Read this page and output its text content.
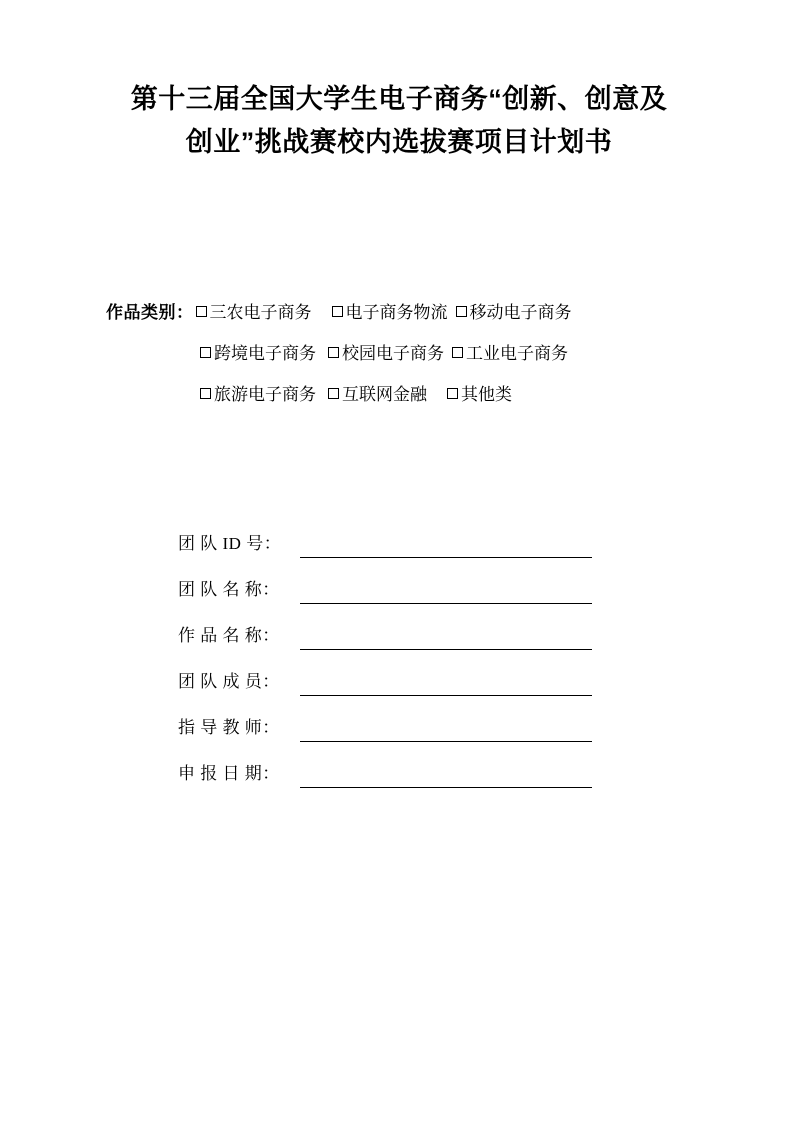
第十三届全国大学生电子商务“创新、创意及
创业”挑战赛校内选拔赛项目计划书
作品类别： 三农电子商务 电子商务物流 移动电子商务
跨境电子商务 校园电子商务 工业电子商务
旅游电子商务 互联网金融 其他类
团 队 ID 号：
团 队 名 称：
作 品 名 称：
团 队 成 员：
指 导 教 师：
申 报 日 期：
